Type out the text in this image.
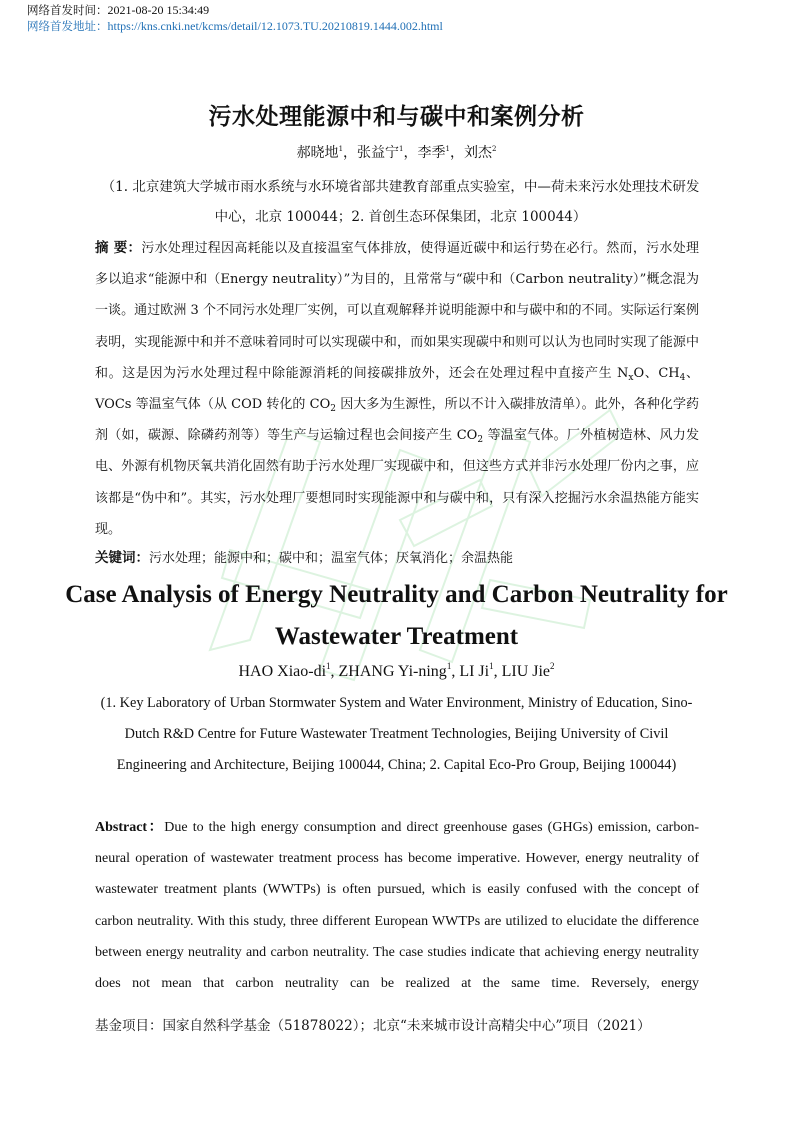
网络首发时间：2021-08-20 15:34:49
网络首发地址：https://kns.cnki.net/kcms/detail/12.1073.TU.20210819.1444.002.html
污水处理能源中和与碳中和案例分析
郝晓地$^1$，张益宁$^1$，李季$^1$，刘杰$^2$
（1. 北京建筑大学城市雨水系统与水环境省部共建教育部重点实验室，中—荷未来污水处理技术研发中心，北京 100044；2. 首创生态环保集团，北京 100044）
摘 要：污水处理过程因高耗能以及直接温室气体排放，使得逼近碳中和运行势在必行。然而，污水处理多以追求“能源中和（Energy neutrality）”为目的，且常常与“碳中和（Carbon neutrality）”概念混为一谈。通过欧洲 3 个不同污水处理厂实例，可以直观解释并说明能源中和与碳中和的不同。实际运行案例表明，实现能源中和并不意味着同时可以实现碳中和，而如果实现碳中和则可以认为也同时实现了能源中和。这是因为污水处理过程中除能源消耗的间接碳排放外，还会在处理过程中直接产生 $N_xO$、$CH_4$、VOCs 等温室气体（从 COD 转化的 $CO_2$ 因大多为生源性，所以不计入碳排放清单）。此外，各种化学药剂（如，碳源、除磷药剂等）等生产与运输过程也会间接产生 $CO_2$ 等温室气体。厂外植树造林、风力发电、外源有机物厌氧共消化固然有助于污水处理厂实现碳中和，但这些方式并非污水处理厂份内之事，应该都是“伪中和”。其实，污水处理厂要想同时实现能源中和与碳中和，只有深入挖掘污水余温热能方能实现。
关键词：污水处理；能源中和；碳中和；温室气体；厌氧消化；余温热能
Case Analysis of Energy Neutrality and Carbon Neutrality for Wastewater Treatment
HAO Xiao-$di^1$, ZHANG Yi-ning$^1$, LI Ji$^1$, LIU Jie$^2$
(1. Key Laboratory of Urban Stormwater System and Water Environment, Ministry of Education, Sino-Dutch R&D Centre for Future Wastewater Treatment Technologies, Beijing University of Civil Engineering and Architecture, Beijing 100044, China; 2. Capital Eco-Pro Group, Beijing 100044)
Abstract：Due to the high energy consumption and direct greenhouse gases (GHGs) emission, carbon-neural operation of wastewater treatment process has become imperative. However, energy neutrality of wastewater treatment plants (WWTPs) is often pursued, which is easily confused with the concept of carbon neutrality. With this study, three different European WWTPs are utilized to elucidate the difference between energy neutrality and carbon neutrality. The case studies indicate that achieving energy neutrality does not mean that carbon neutrality can be realized at the same time. Reversely, energy
基金项目：国家自然科学基金（51878022）；北京“未来城市设计高精尖中心”项目（2021）
